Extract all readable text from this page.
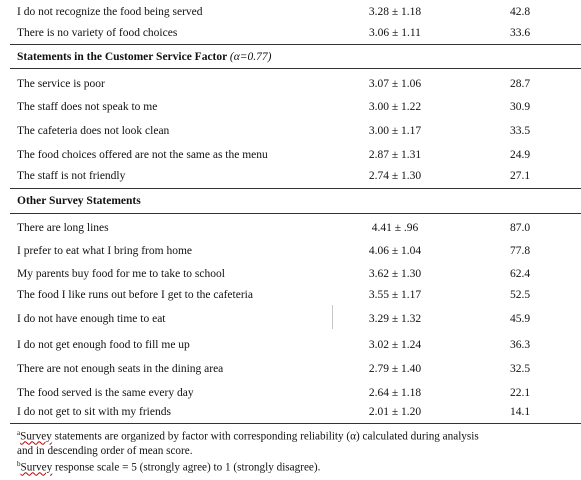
I do not recognize the food being served	3.28 ± 1.18	42.8
There is no variety of food choices	3.06 ± 1.11	33.6
Statements in the Customer Service Factor (α=0.77)
The service is poor	3.07 ± 1.06	28.7
The staff does not speak to me	3.00 ± 1.22	30.9
The cafeteria does not look clean	3.00 ± 1.17	33.5
The food choices offered are not the same as the menu	2.87 ± 1.31	24.9
The staff is not friendly	2.74 ± 1.30	27.1
Other Survey Statements
There are long lines	4.41 ± .96	87.0
I prefer to eat what I bring from home	4.06 ± 1.04	77.8
My parents buy food for me to take to school	3.62 ± 1.30	62.4
The food I like runs out before I get to the cafeteria	3.55 ± 1.17	52.5
I do not have enough time to eat	3.29 ± 1.32	45.9
I do not get enough food to fill me up	3.02 ± 1.24	36.3
There are not enough seats in the dining area	2.79 ± 1.40	32.5
The food served is the same every day	2.64 ± 1.18	22.1
I do not get to sit with my friends	2.01 ± 1.20	14.1
$^a$Survey statements are organized by factor with corresponding reliability (α) calculated during analysis
and in descending order of mean score.
$^b$Survey response scale = 5 (strongly agree) to 1 (strongly disagree).
